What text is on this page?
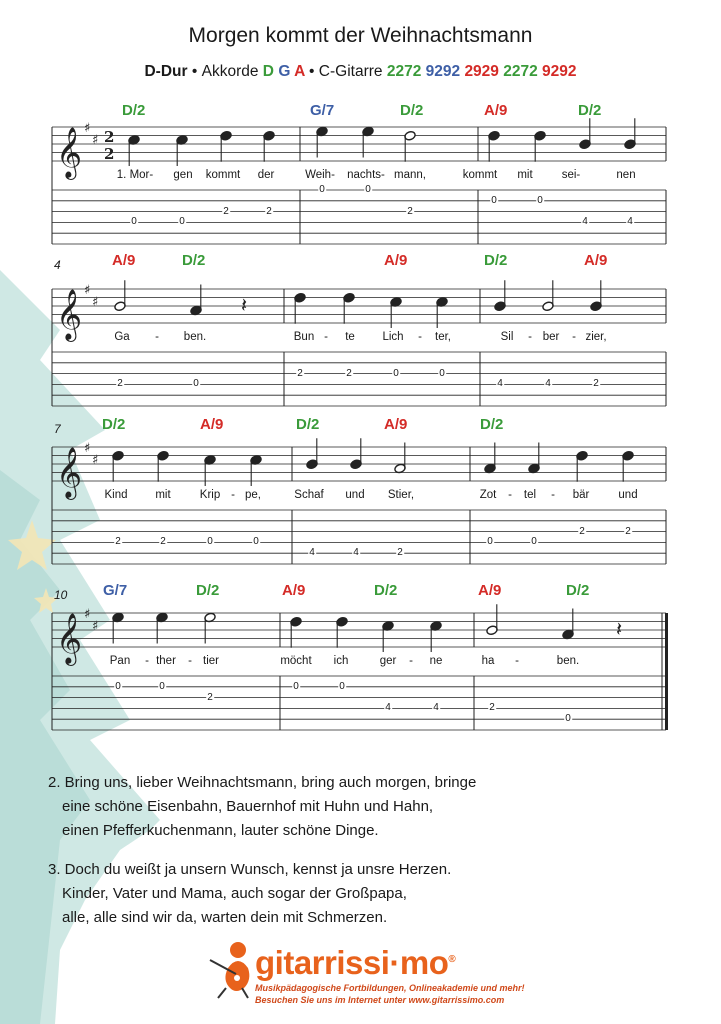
𝄞 ♯
♯ 2
2
𝄞 ♯
♯	𝄽
𝄞 ♯
♯
𝄞 ♯
♯	𝄽
Morgen kommt der Weihnachtsmann
D-Dur • Akkorde D G A • C-Gitarre 2272 9292 2929 2272 9292
D/2	G/7	D/2	A/9	D/2
1. Mor- gen kommt der	Weih- nachts- mann,	kommt mit	sei-	nen
0	0
2	2
0	0
2
0	0
4	4
4	A/9	D/2	A/9	D/2	A/9
Ga - ben.	Bun - te Lich - ter,	Sil - ber - zier,
2	0
2	2	0	0
4	4	2
7	D/2	A/9	D/2	A/9	D/2
Kind mit	Krip - pe,	Schaf und Stier,	Zot - tel - bär	und
2	2	0	0
4	4	2
0	0
2	2
10 G/7	D/2	A/9	D/2	A/9	D/2
Pan - ther - tier	möcht ich	ger - ne	ha -	ben.
0	0
2
0	0
4	4	2
0
2. Bring uns, lieber Weihnachtsmann, bring auch morgen, bringe
eine schöne Eisenbahn, Bauernhof mit Huhn und Hahn,
einen Pfefferkuchenmann, lauter schöne Dinge.
3. Doch du weißt ja unsern Wunsch, kennst ja unsre Herzen.
Kinder, Vater und Mama, auch sogar der Großpapa,
alle, alle sind wir da, warten dein mit Schmerzen.
gitarrissi·mo®
Musikpädagogische Fortbildungen, Onlineakademie und mehr!
Besuchen Sie uns im Internet unter www.gitarrissimo.com
